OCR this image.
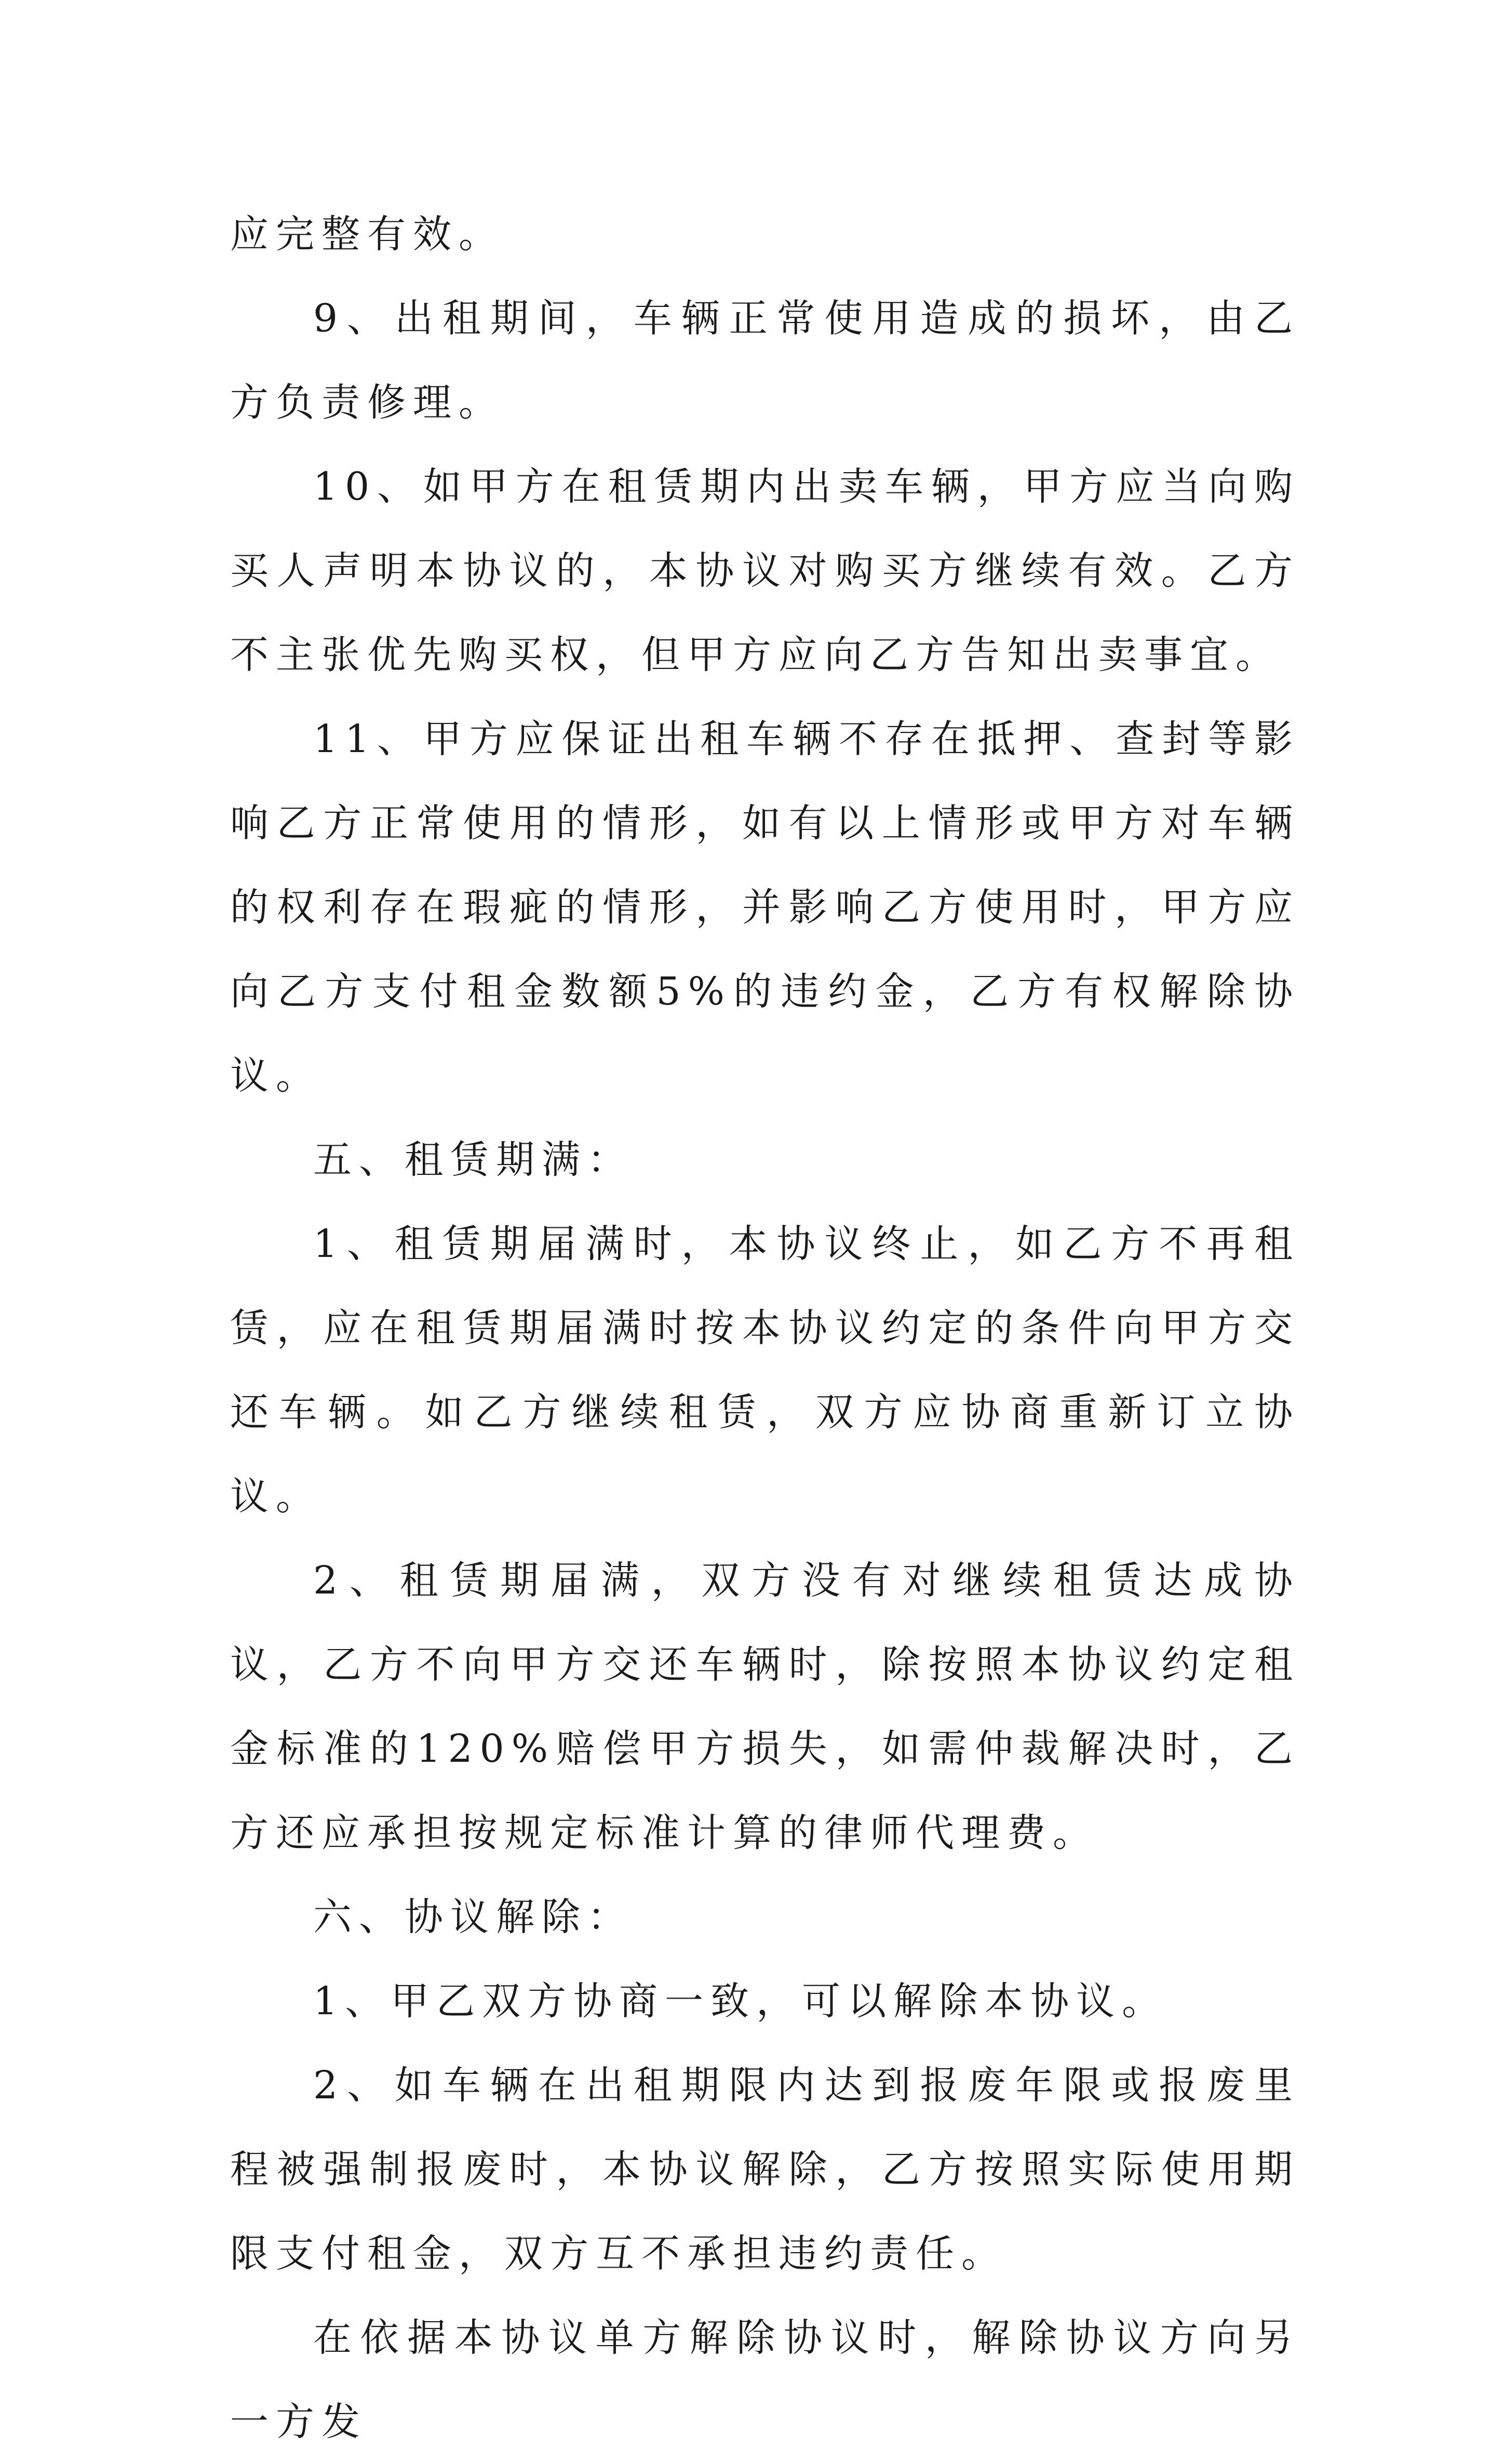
应完整有效。

9、出租期间，车辆正常使用造成的损坏，由乙方负责修理。

10、如甲方在租赁期内出卖车辆，甲方应当向购买人声明本协议的，本协议对购买方继续有效。乙方不主张优先购买权，但甲方应向乙方告知出卖事宜。

11、甲方应保证出租车辆不存在抵押、查封等影响乙方正常使用的情形，如有以上情形或甲方对车辆的权利存在瑕疵的情形，并影响乙方使用时，甲方应向乙方支付租金数额5%的违约金，乙方有权解除协议。

五、租赁期满：

1、租赁期届满时，本协议终止，如乙方不再租赁，应在租赁期届满时按本协议约定的条件向甲方交还车辆。如乙方继续租赁，双方应协商重新订立协议。

2、租赁期届满，双方没有对继续租赁达成协议，乙方不向甲方交还车辆时，除按照本协议约定租金标准的120%赔偿甲方损失，如需仲裁解决时，乙方还应承担按规定标准计算的律师代理费。

六、协议解除：

1、甲乙双方协商一致，可以解除本协议。

2、如车辆在出租期限内达到报废年限或报废里程被强制报废时，本协议解除，乙方按照实际使用期限支付租金，双方互不承担违约责任。

在依据本协议单方解除协议时，解除协议方向另一方发
